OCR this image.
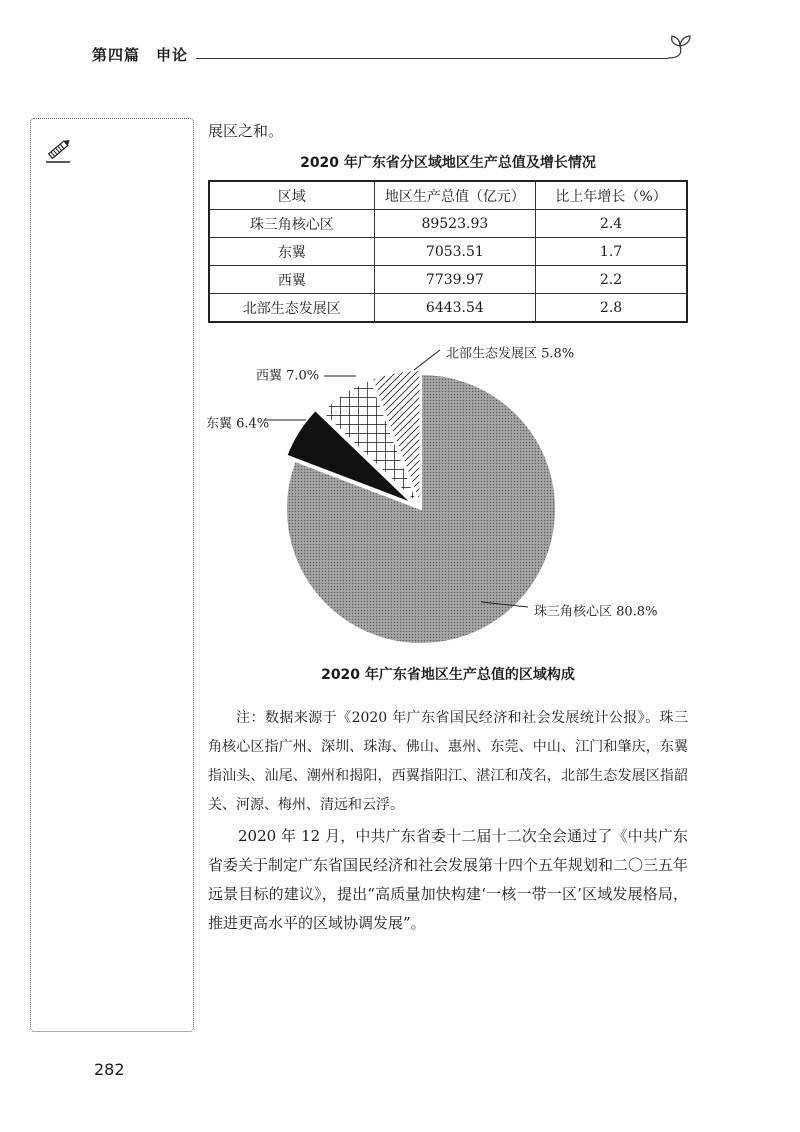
第四篇　申论
展区之和。
2020 年广东省分区域地区生产总值及增长情况
区域	地区生产总值（亿元）	比上年增长（%）
珠三角核心区	89523.93	2.4
东翼	7053.51	1.7
西翼	7739.97	2.2
北部生态发展区	6443.54	2.8
珠三角核心区 80.8%
东翼 6.4%
西翼 7.0%
北部生态发展区 5.8%
2020 年广东省地区生产总值的区域构成
注：数据来源于《2020 年广东省国民经济和社会发展统计公报》。珠三角核心区指广州、深圳、珠海、佛山、惠州、东莞、中山、江门和肇庆，东翼指汕头、汕尾、潮州和揭阳，西翼指阳江、湛江和茂名，北部生态发展区指韶关、河源、梅州、清远和云浮。
2020 年 12 月，中共广东省委十二届十二次全会通过了《中共广东省委关于制定广东省国民经济和社会发展第十四个五年规划和二〇三五年远景目标的建议》，提出“高质量加快构建‘一核一带一区’区域发展格局，推进更高水平的区域协调发展”。
282
